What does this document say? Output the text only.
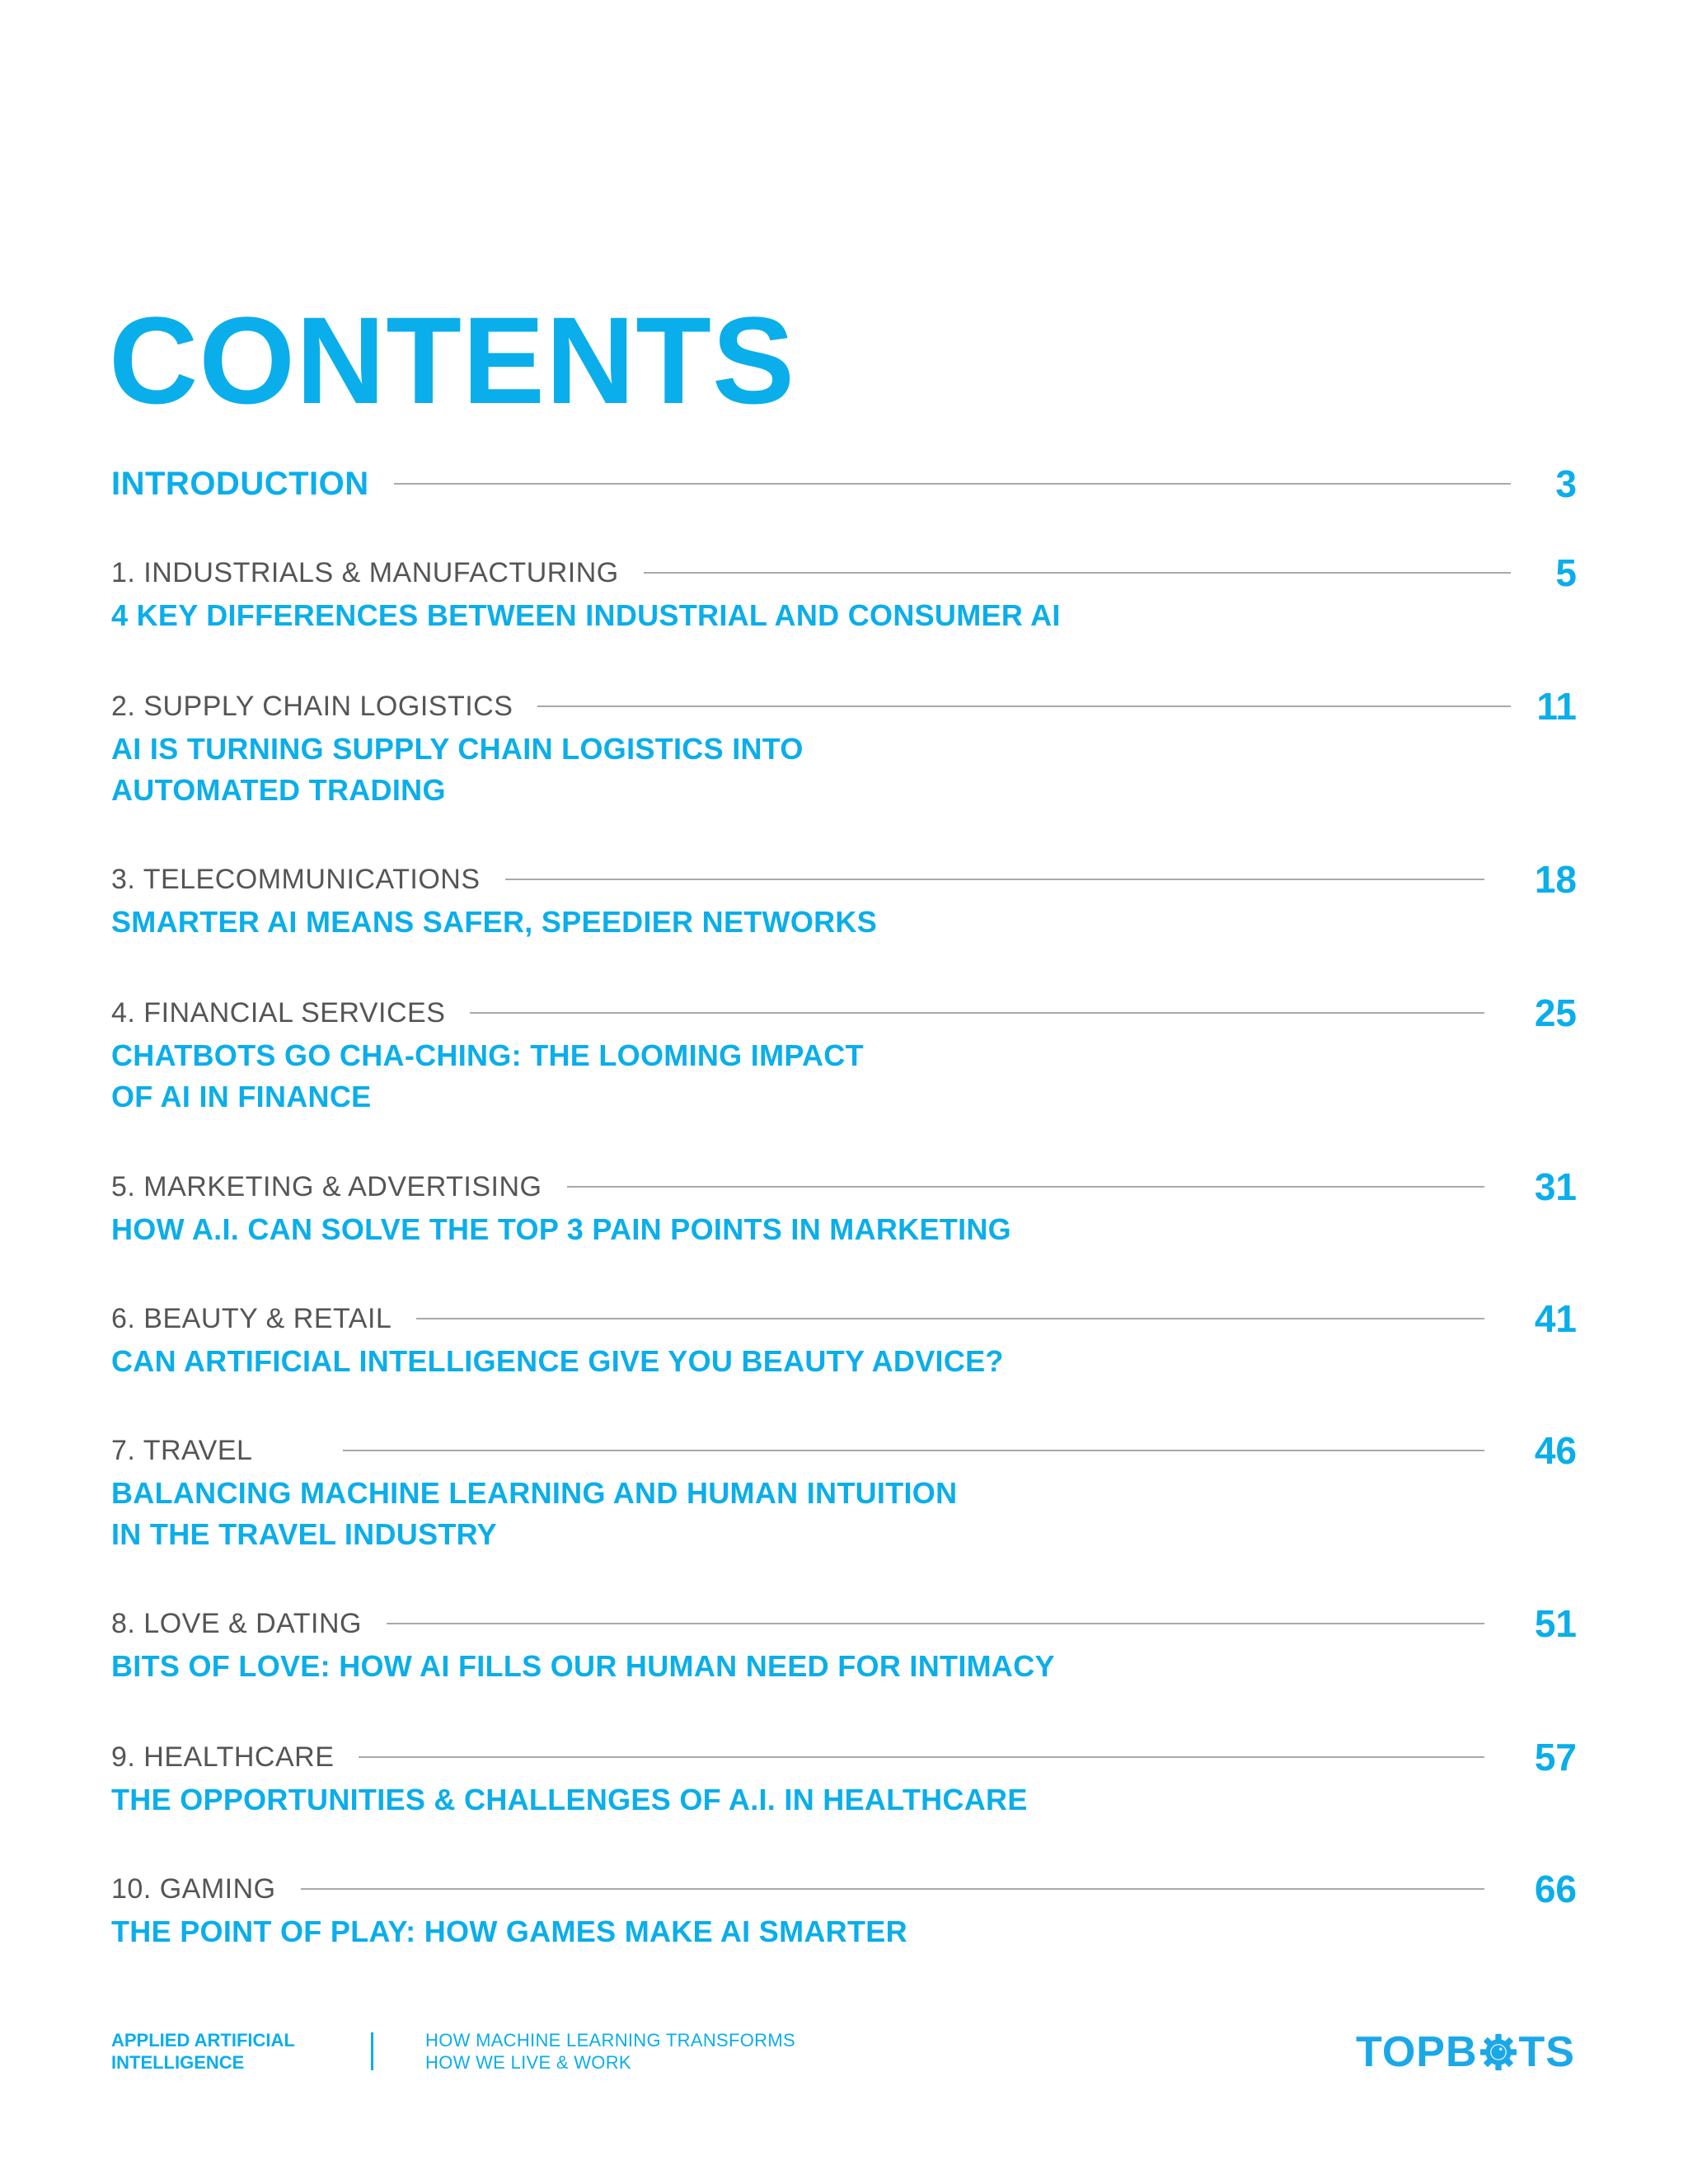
CONTENTS
INTRODUCTION	3
1. INDUSTRIALS & MANUFACTURING	5
4 KEY DIFFERENCES BETWEEN INDUSTRIAL AND CONSUMER AI
2. SUPPLY CHAIN LOGISTICS	11
AI IS TURNING SUPPLY CHAIN LOGISTICS INTO
AUTOMATED TRADING
3. TELECOMMUNICATIONS	18
SMARTER AI MEANS SAFER, SPEEDIER NETWORKS
4. FINANCIAL SERVICES	25
CHATBOTS GO CHA-CHING: THE LOOMING IMPACT
OF AI IN FINANCE
5. MARKETING & ADVERTISING	31
HOW A.I. CAN SOLVE THE TOP 3 PAIN POINTS IN MARKETING
6. BEAUTY & RETAIL	41
CAN ARTIFICIAL INTELLIGENCE GIVE YOU BEAUTY ADVICE?
7. TRAVEL	46
BALANCING MACHINE LEARNING AND HUMAN INTUITION
IN THE TRAVEL INDUSTRY
8. LOVE & DATING	51
BITS OF LOVE: HOW AI FILLS OUR HUMAN NEED FOR INTIMACY
9. HEALTHCARE	57
THE OPPORTUNITIES & CHALLENGES OF A.I. IN HEALTHCARE
10. GAMING	66
THE POINT OF PLAY: HOW GAMES MAKE AI SMARTER
APPLIED ARTIFICIAL
INTELLIGENCE
HOW MACHINE LEARNING TRANSFORMS
HOW WE LIVE & WORK	TOPB TS
